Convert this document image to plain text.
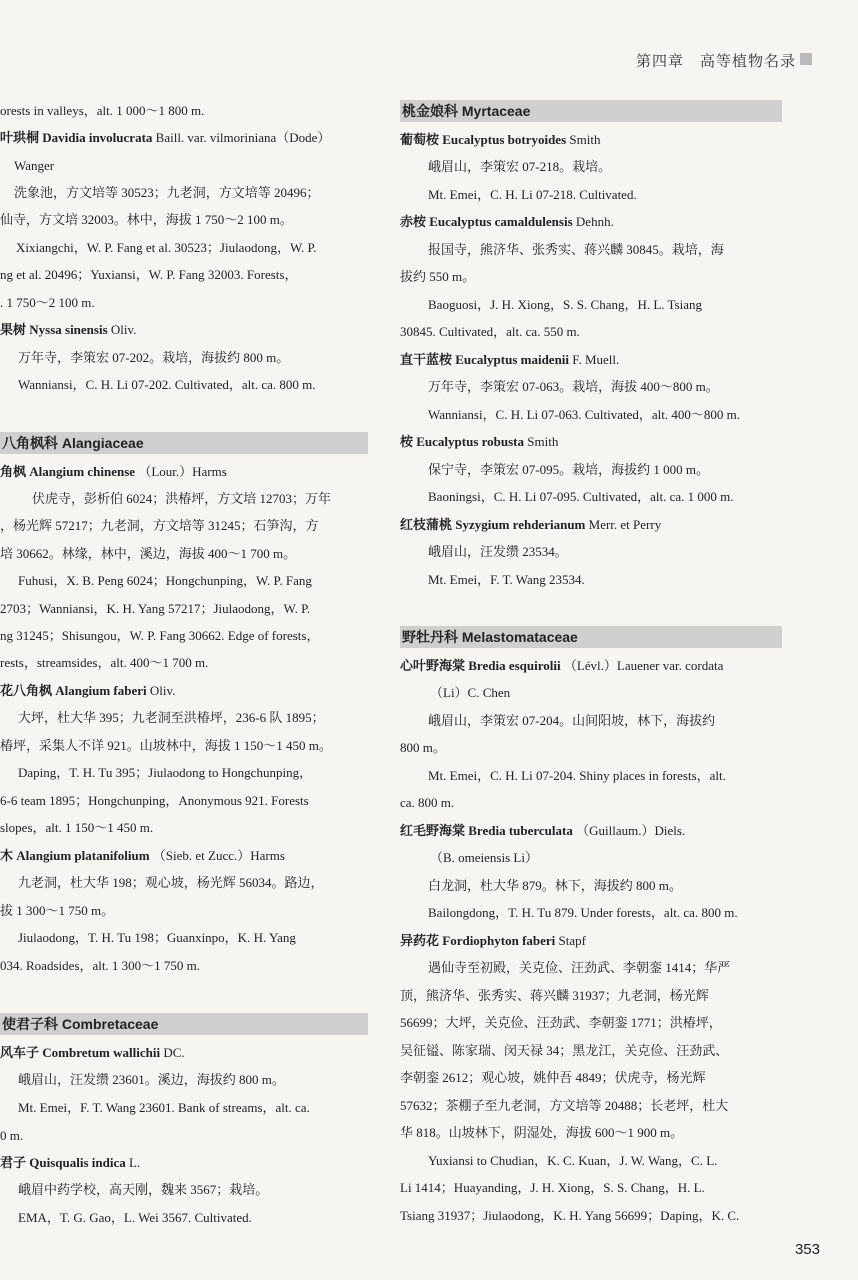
第四章　高等植物名录
orests in valleys，alt. 1 000～1 800 m.
叶珙桐 Davidia involucrata Baill. var. vilmoriniana（Dode）
Wanger
洗象池，方文培等 30523；九老洞，方文培等 20496；
仙寺，方文培 32003。林中，海拔 1 750～2 100 m。
Xixiangchi，W. P. Fang et al. 30523；Jiulaodong，W. P.
ng et al. 20496；Yuxiansi，W. P. Fang 32003. Forests，
. 1 750～2 100 m.
果树 Nyssa sinensis Oliv.
万年寺，李策宏 07-202。栽培，海拔约 800 m。
Wanniansi，C. H. Li 07-202. Cultivated，alt. ca. 800 m.
八角枫科 Alangiaceae
角枫 Alangium chinense （Lour.）Harms
伏虎寺，彭析伯 6024；洪椿坪，方文培 12703；万年
，杨光辉 57217；九老洞，方文培等 31245；石笋沟，方
培 30662。林缘，林中，溪边，海拔 400～1 700 m。
Fuhusi，X. B. Peng 6024；Hongchunping，W. P. Fang
2703；Wanniansi，K. H. Yang 57217；Jiulaodong，W. P.
ng 31245；Shisungou，W. P. Fang 30662. Edge of forests，
rests，streamsides，alt. 400～1 700 m.
花八角枫 Alangium faberi Oliv.
大坪，杜大华 395；九老洞至洪椿坪，236-6 队 1895；
椿坪，采集人不详 921。山坡林中，海拔 1 150～1 450 m。
Daping，T. H. Tu 395；Jiulaodong to Hongchunping，
6-6 team 1895；Hongchunping，Anonymous 921. Forests
slopes，alt. 1 150～1 450 m.
木 Alangium platanifolium （Sieb. et Zucc.）Harms
九老洞，杜大华 198；观心坡，杨光辉 56034。路边，
拔 1 300～1 750 m。
Jiulaodong，T. H. Tu 198；Guanxinpo，K. H. Yang
034. Roadsides，alt. 1 300～1 750 m.
使君子科 Combretaceae
风车子 Combretum wallichii DC.
峨眉山，汪发缵 23601。溪边，海拔约 800 m。
Mt. Emei，F. T. Wang 23601. Bank of streams，alt. ca.
0 m.
君子 Quisqualis indica L.
峨眉中药学校，高天刚，魏来 3567；栽培。
EMA，T. G. Gao，L. Wei 3567. Cultivated.
桃金娘科 Myrtaceae
葡萄桉 Eucalyptus botryoides Smith
峨眉山，李策宏 07-218。栽培。
Mt. Emei，C. H. Li 07-218. Cultivated.
赤桉 Eucalyptus camaldulensis Dehnh.
报国寺，熊济华、张秀实、蒋兴麟 30845。栽培，海
拔约 550 m。
Baoguosi，J. H. Xiong，S. S. Chang，H. L. Tsiang
30845. Cultivated，alt. ca. 550 m.
直干蓝桉 Eucalyptus maidenii F. Muell.
万年寺，李策宏 07-063。栽培，海拔 400～800 m。
Wanniansi，C. H. Li 07-063. Cultivated，alt. 400～800 m.
桉 Eucalyptus robusta Smith
保宁寺，李策宏 07-095。栽培，海拔约 1 000 m。
Baoningsi，C. H. Li 07-095. Cultivated，alt. ca. 1 000 m.
红枝蒲桃 Syzygium rehderianum Merr. et Perry
峨眉山，汪发缵 23534。
Mt. Emei，F. T. Wang 23534.
野牡丹科 Melastomataceae
心叶野海棠 Bredia esquirolii （Lévl.）Lauener var. cordata
（Li）C. Chen
峨眉山，李策宏 07-204。山间阳坡，林下，海拔约
800 m。
Mt. Emei，C. H. Li 07-204. Shiny places in forests，alt.
ca. 800 m.
红毛野海棠 Bredia tuberculata （Guillaum.）Diels.
（B. omeiensis Li）
白龙洞，杜大华 879。林下，海拔约 800 m。
Bailongdong，T. H. Tu 879. Under forests，alt. ca. 800 m.
异药花 Fordiophyton faberi Stapf
遇仙寺至初殿，关克俭、汪劲武、李朝銮 1414；华严
顶，熊济华、张秀实、蒋兴麟 31937；九老洞，杨光辉
56699；大坪，关克俭、汪劲武、李朝銮 1771；洪椿坪，
吴征镒、陈家瑞、闵天禄 34；黑龙江，关克俭、汪劲武、
李朝銮 2612；观心坡，姚仲吾 4849；伏虎寺，杨光辉
57632；茶棚子至九老洞，方文培等 20488；长老坪，杜大
华 818。山坡林下，阴湿处，海拔 600～1 900 m。
Yuxiansi to Chudian，K. C. Kuan，J. W. Wang，C. L.
Li 1414；Huayanding，J. H. Xiong，S. S. Chang，H. L.
Tsiang 31937；Jiulaodong，K. H. Yang 56699；Daping，K. C.
353
